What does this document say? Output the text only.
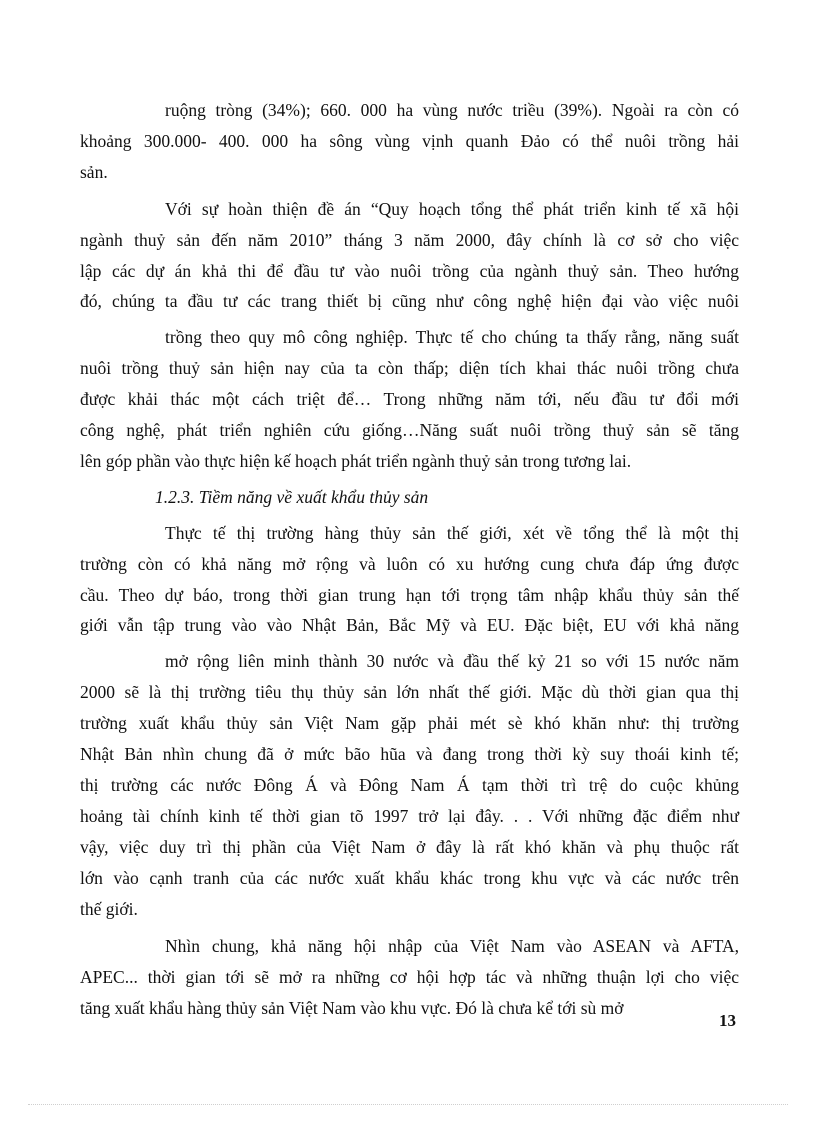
ruộng tròng (34%); 660. 000 ha vùng nước triều (39%). Ngoài ra còn có

khoảng 300.000- 400. 000 ha sông vùng vịnh quanh Đảo có thể nuôi trồng hải

sản.

Với sự hoàn thiện đề án “Quy hoạch tổng thể phát triển kinh tế xã hội

ngành thuỷ sản đến năm 2010” tháng 3 năm 2000, đây chính là cơ sở cho việc

lập các dự án khả thi để đầu tư vào nuôi trồng của ngành thuỷ sản. Theo hướng

đó, chúng ta đầu tư các trang thiết bị cũng như công nghệ hiện đại vào việc nuôi

trồng theo quy mô công nghiệp. Thực tế cho chúng ta thấy rằng, năng suất

nuôi trồng thuỷ sản hiện nay của ta còn thấp; diện tích khai thác nuôi trồng chưa

được khải thác một cách triệt để… Trong những năm tới, nếu đầu tư đổi mới

công nghệ, phát triển nghiên cứu giống…Năng suất nuôi trồng thuỷ sản sẽ tăng

lên góp phần vào thực hiện kế hoạch phát triển ngành thuỷ sản trong tương lai.

1.2.3. Tiềm năng về xuất khẩu thủy sản

Thực tế thị trường hàng thủy sản thế giới, xét về tổng thể là một thị

trường còn có khả năng mở rộng và luôn có xu hướng cung chưa đáp ứng được

cầu. Theo dự báo, trong thời gian trung hạn tới trọng tâm nhập khẩu thủy sản thế

giới vẫn tập trung vào vào Nhật Bản, Bắc Mỹ và EU. Đặc biệt, EU với khả năng

mở rộng liên minh thành 30 nước và đầu thế kỷ 21 so với 15 nước năm

2000 sẽ là thị trường tiêu thụ thủy sản lớn nhất thế giới. Mặc dù thời gian qua thị

trường xuất khẩu thủy sản Việt Nam gặp phải mét sè khó khăn như: thị trường

Nhật Bản nhìn chung đã ở mức bão hũa và đang trong thời kỳ suy thoái kinh tế;

thị trường các nước Đông Á và Đông Nam Á tạm thời trì trệ do cuộc khủng

hoảng tài chính kinh tế thời gian tõ 1997 trở lại đây. . . Với những đặc điểm như

vậy, việc duy trì thị phần của Việt Nam ở đây là rất khó khăn và phụ thuộc rất

lớn vào cạnh tranh của các nước xuất khẩu khác trong khu vực và các nước trên

thế giới.

Nhìn chung, khả năng hội nhập của Việt Nam vào ASEAN và AFTA,

APEC... thời gian tới sẽ mở ra những cơ hội hợp tác và những thuận lợi cho việc

tăng xuất khẩu hàng thủy sản Việt Nam vào khu vực. Đó là chưa kể tới sù mở

13
